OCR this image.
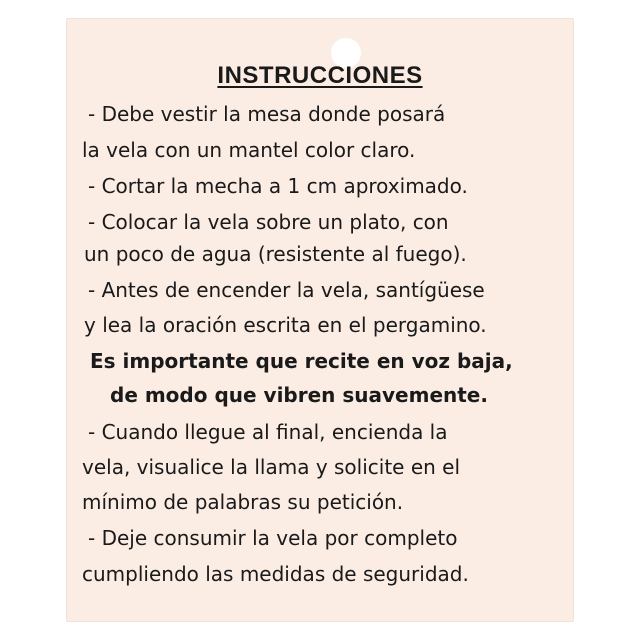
INSTRUCCIONES
- Debe vestir la mesa donde posará
la vela con un mantel color claro.
- Cortar la mecha a 1 cm aproximado.
- Colocar la vela sobre un plato, con
un poco de agua (resistente al fuego).
- Antes de encender la vela, santígüese
y lea la oración escrita en el pergamino.
Es importante que recite en voz baja,
de modo que vibren suavemente.
- Cuando llegue al final, encienda la
vela, visualice la llama y solicite en el
mínimo de palabras su petición.
- Deje consumir la vela por completo
cumpliendo las medidas de seguridad.
